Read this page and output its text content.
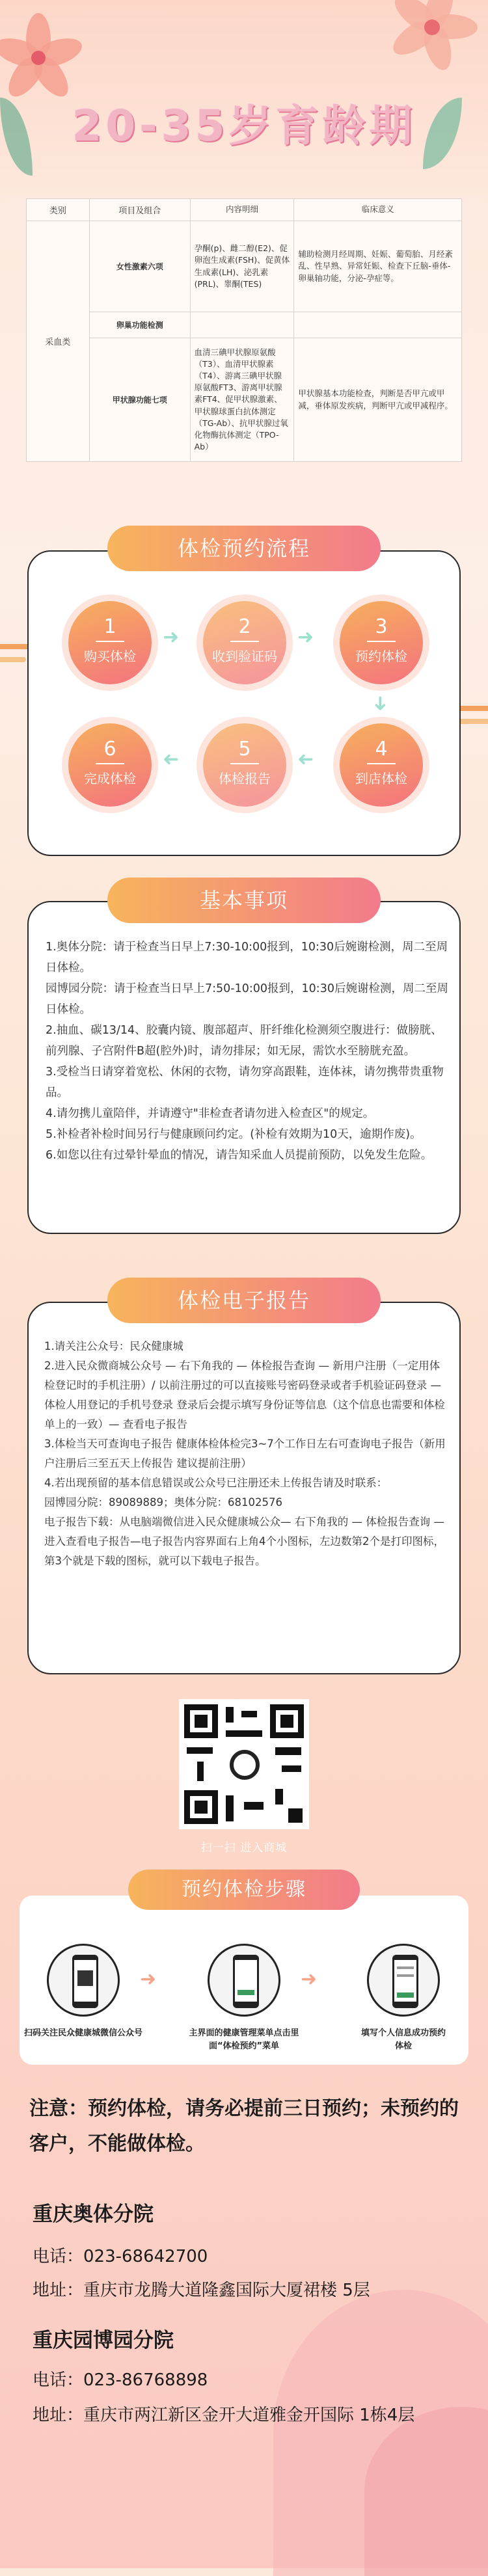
20-35岁育龄期
类别	项目及组合	内容明细	临床意义
采血类	女性激素六项	孕酮(p)、雌二醇(E2)、促卵泡生成素(FSH)、促黄体生成素(LH)、泌乳素(PRL)、睾酮(TES)	辅助检测月经周期、妊娠、葡萄胎、月经紊乱、性早熟、异常妊娠、检查下丘脑-垂体-卵巢轴功能，分泌-孕症等。
	卵巢功能检测		
	甲状腺功能七项	血清三碘甲状腺原氨酸（T3）、血清甲状腺素（T4）、游离三碘甲状腺原氨酸FT3、游离甲状腺素FT4、促甲状腺激素、甲状腺球蛋白抗体测定（TG-Ab）、抗甲状腺过氧化物酶抗体测定（TPO-Ab）	甲状腺基本功能检查，判断是否甲亢或甲减，垂体原发疾病，判断甲亢或甲减程序。
体检预约流程
1
购买体检
➜	2
收到验证码
➜	3
预约体检
➜
4
到店体检
➜
5
体检报告
➜
6
完成体检
基本事项

1.奥体分院：请于检查当日早上7:30-10:00报到，10:30后婉谢检测，周二至周日体检。

园博园分院：请于检查当日早上7:50-10:00报到，10:30后婉谢检测，周二至周日体检。

2.抽血、碳13/14、胶囊内镜、腹部超声、肝纤维化检测须空腹进行：做膀胱、前列腺、子宫附件B超(腔外)时，请勿排尿；如无尿，需饮水至膀胱充盈。

3.受检当日请穿着宽松、休闲的衣物，请勿穿高跟鞋，连体袜，请勿携带贵重物品。

4.请勿携儿童陪伴，并请遵守"非检查者请勿进入检查区"的规定。

5.补检者补检时间另行与健康顾问约定。(补检有效期为10天，逾期作废)。

6.如您以往有过晕针晕血的情况，请告知采血人员提前预防，以免发生危险。

体检电子报告

1.请关注公众号：民众健康城

2.进入民众微商城公众号 — 右下角我的 — 体检报告查询 — 新用户注册（一定用体检登记时的手机注册）/ 以前注册过的可以直接账号密码登录或者手机验证码登录 — 体检人用登记的手机号登录 登录后会提示填写身份证等信息（这个信息也需要和体检单上的一致）— 查看电子报告

3.体检当天可查询电子报告 健康体检体检完3~7个工作日左右可查询电子报告（新用户注册后三至五天上传报告 建议提前注册）

4.若出现预留的基本信息错误或公众号已注册还未上传报告请及时联系：

园博园分院：89089889；奥体分院：68102576

电子报告下载：从电脑端微信进入民众健康城公众— 右下角我的 — 体检报告查询 — 进入查看电子报告—电子报告内容界面右上角4个小图标，左边数第2个是打印图标，第3个就是下载的图标，就可以下载电子报告。

扫一扫 进入商城
预约体检步骤
➜	➜
扫码关注民众健康城微信公众号	主界面的健康管理菜单点击里面“体检预约”菜单
填写个人信息成功预约体检
注意：预约体检，请务必提前三日预约；未预约的客户，不能做体检。
重庆奥体分院
电话：023-68642700
地址：重庆市龙腾大道隆鑫国际大厦裙楼 5层
重庆园博园分院
电话：023-86768898
地址：重庆市两江新区金开大道雅金开国际 1栋4层
